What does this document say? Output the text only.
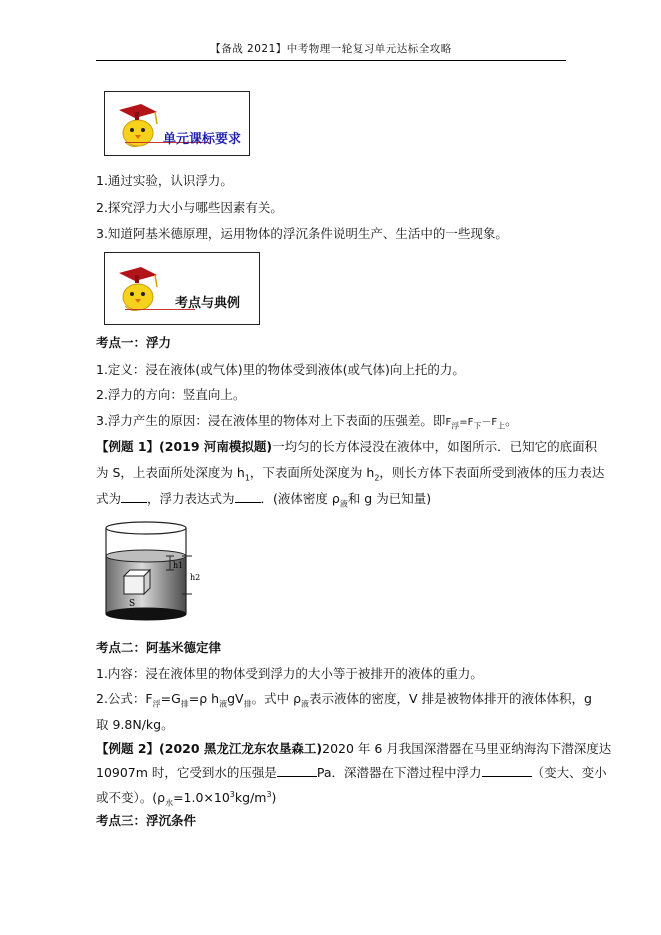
【备战 2021】中考物理一轮复习单元达标全攻略
单元课标要求
1.通过实验，认识浮力。
2.探究浮力大小与哪些因素有关。
3.知道阿基米德原理，运用物体的浮沉条件说明生产、生活中的一些现象。
考点与典例
考点一：浮力
1.定义：浸在液体(或气体)里的物体受到液体(或气体)向上托的力。
2.浮力的方向：竖直向上。
3.浮力产生的原因：浸在液体里的物体对上下表面的压强差。即$F_浮=F_下-F_上$。
【例题 1】(2019 河南模拟题)一均匀的长方体浸没在液体中，如图所示．已知它的底面积
为 S，上表面所处深度为 $h_1$，下表面所处深度为 $h_2$，则长方体下表面所受到液体的压力表达
式为 ，浮力表达式为 ．(液体密度 $\rho_液$和 g 为已知量)
S
h1
h2
考点二：阿基米德定律
1.内容：浸在液体里的物体受到浮力的大小等于被排开的液体的重力。
2.公式：$F_浮=G_排=\rho$ $h_液gV_排$。式中 $\rho_液$表示液体的密度，V 排是被物体排开的液体体积，g
取 9.8N/kg。
【例题 2】(2020 黑龙江龙东农垦森工)2020 年 6 月我国深潜器在马里亚纳海沟下潜深度达
10907m 时，它受到水的压强是	Pa．深潜器在下潜过程中浮力	（变大、变小
或不变）。$(\rho_水=1.0\times 10^3kg/m^3)$
考点三：浮沉条件
